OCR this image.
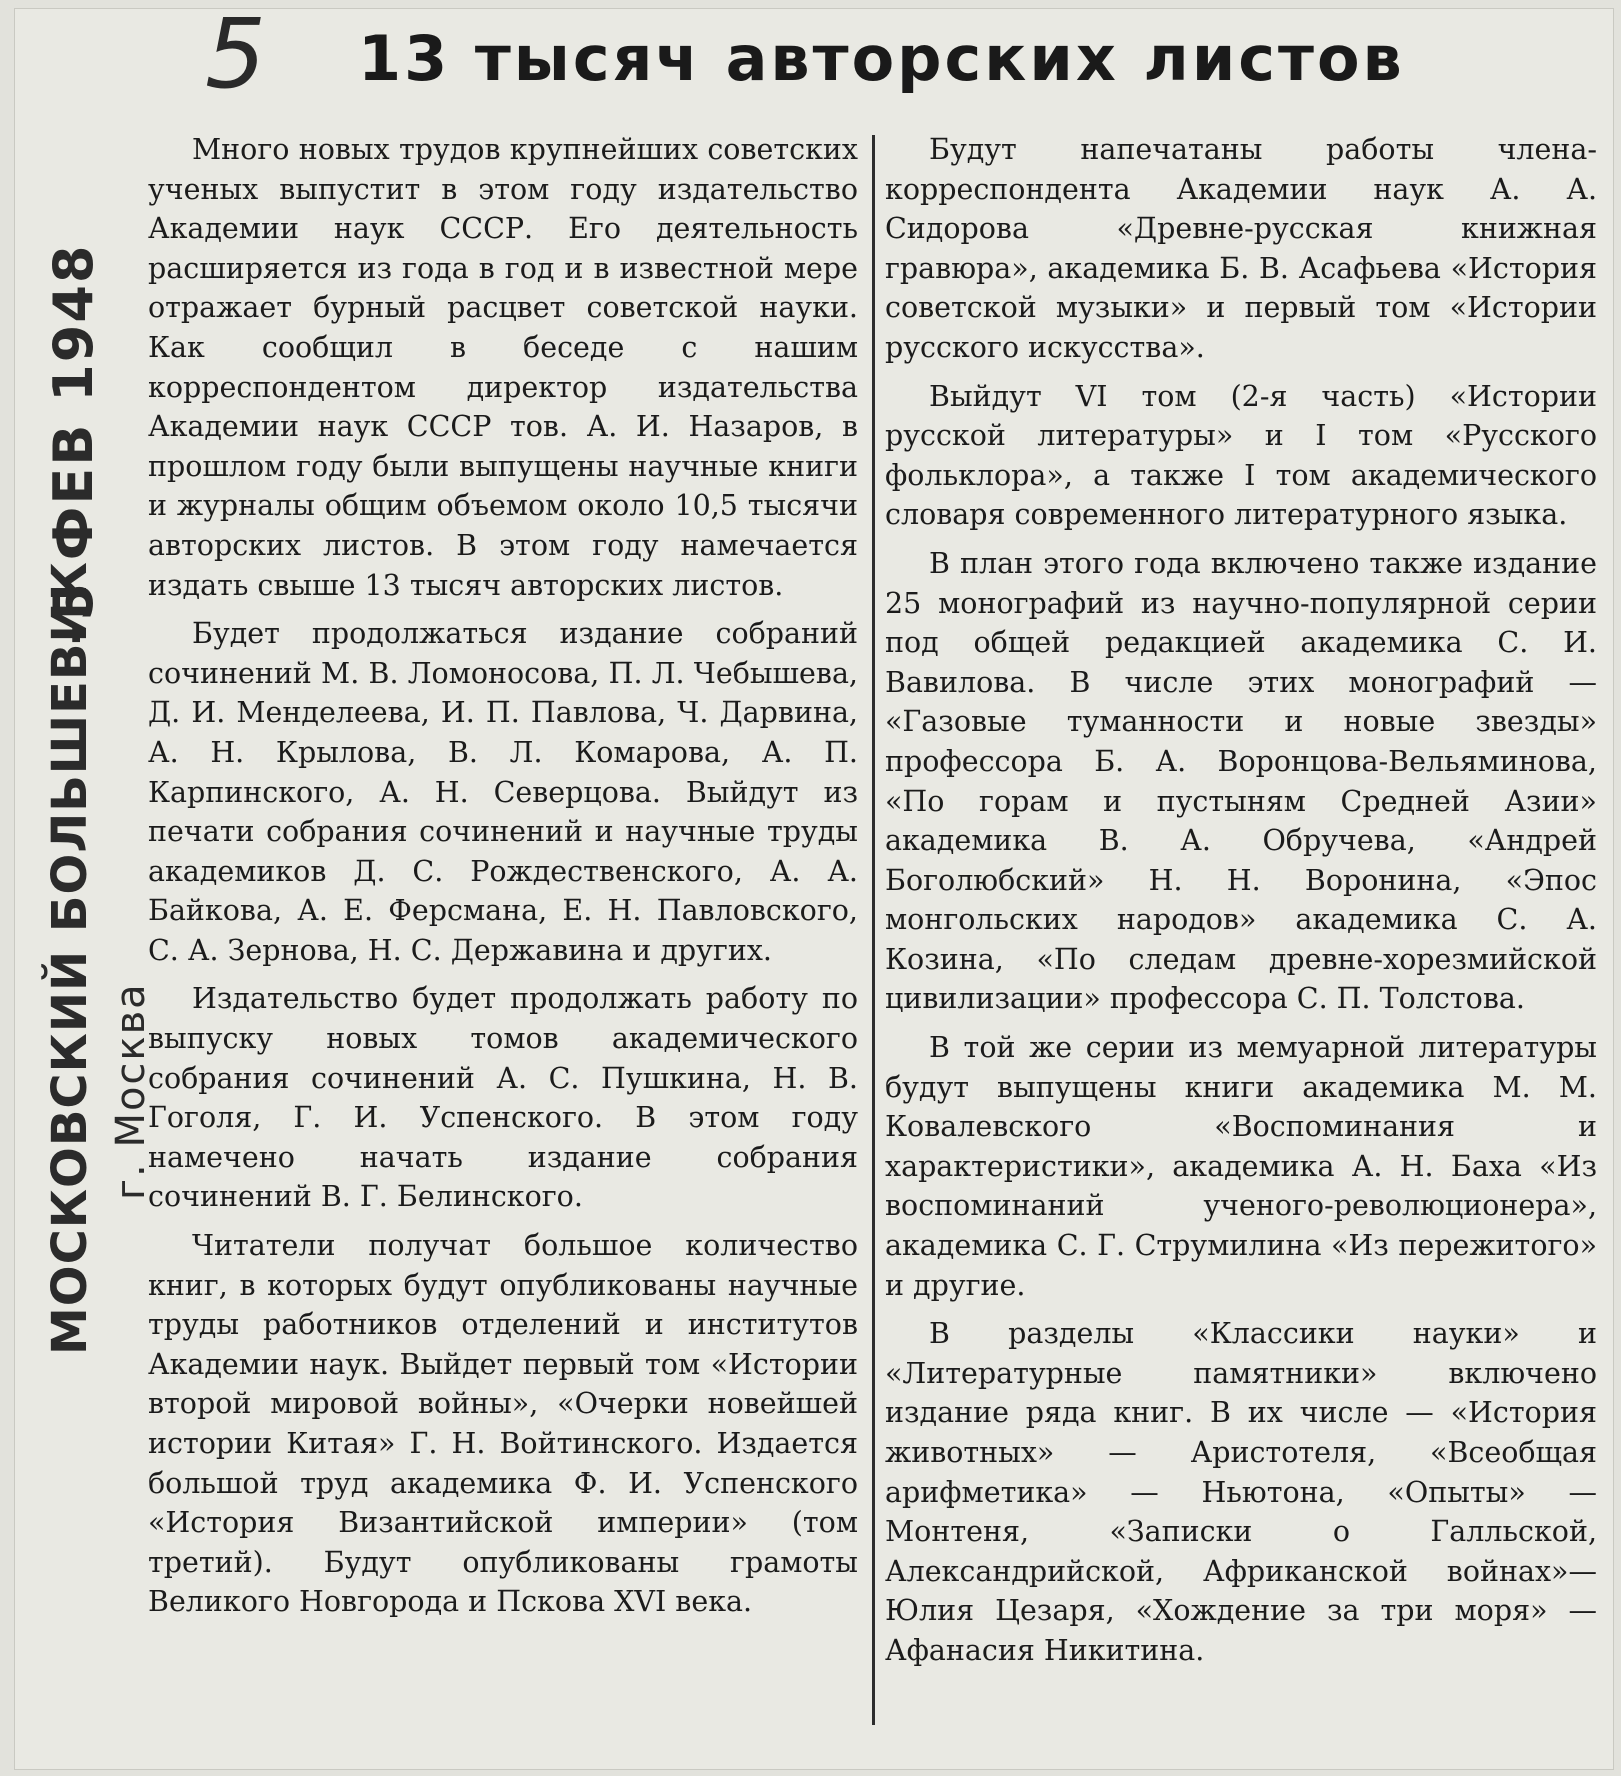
5 13 тысяч авторских листов
-5 ФЕВ 1948
МОСКОВСКИЙ БОЛЬШЕВИК г. Москва

Много новых трудов крупнейших советских ученых выпустит в этом году издательство Академии наук СССР. Его деятельность расширяется из года в год и в известной мере отражает бурный расцвет советской науки. Как сообщил в беседе с нашим корреспондентом директор издательства Академии наук СССР тов. А. И. Назаров, в прошлом году были выпущены научные книги и журналы общим объемом около 10,5 тысячи авторских листов. В этом году намечается издать свыше 13 тысяч авторских листов.

Будет продолжаться издание собраний сочинений М. В. Ломоносова, П. Л. Чебышева, Д. И. Менделеева, И. П. Павлова, Ч. Дарвина, А. Н. Крылова, В. Л. Комарова, А. П. Карпинского, А. Н. Северцова. Выйдут из печати собрания сочинений и научные труды академиков Д. С. Рождественского, А. А. Байкова, А. Е. Ферсмана, Е. Н. Павловского, С. А. Зернова, Н. С. Державина и других.

Издательство будет продолжать работу по выпуску новых томов академического собрания сочинений А. С. Пушкина, Н. В. Гоголя, Г. И. Успенского. В этом году намечено начать издание собрания сочинений В. Г. Белинского.

Читатели получат большое количество книг, в которых будут опубликованы научные труды работников отделений и институтов Академии наук. Выйдет первый том «Истории второй мировой войны», «Очерки новейшей истории Китая» Г. Н. Войтинского. Издается большой труд академика Ф. И. Успенского «История Византийской империи» (том третий). Будут опубликованы грамоты Великого Новгорода и Пскова XVI века.

Будут напечатаны работы члена-корреспондента Академии наук А. А. Сидорова «Древне-русская книжная гравюра», академика Б. В. Асафьева «История советской музыки» и первый том «Истории русского искусства».

Выйдут VI том (2-я часть) «Истории русской литературы» и I том «Русского фольклора», а также I том академического словаря современного литературного языка.

В план этого года включено также издание 25 монографий из научно-популярной серии под общей редакцией академика С. И. Вавилова. В числе этих монографий — «Газовые туманности и новые звезды» профессора Б. А. Воронцова-Вельяминова, «По горам и пустыням Средней Азии» академика В. А. Обручева, «Андрей Боголюбский» Н. Н. Воронина, «Эпос монгольских народов» академика С. А. Козина, «По следам древне-хорезмийской цивилизации» профессора С. П. Толстова.

В той же серии из мемуарной литературы будут выпущены книги академика М. М. Ковалевского «Воспоминания и характеристики», академика А. Н. Баха «Из воспоминаний ученого-революционера», академика С. Г. Струмилина «Из пережитого» и другие.

В разделы «Классики науки» и «Литературные памятники» включено издание ряда книг. В их числе — «История животных» — Аристотеля, «Всеобщая арифметика» — Ньютона, «Опыты» — Монтеня, «Записки о Галльской, Александрийской, Африканской войнах»—Юлия Цезаря, «Хождение за три моря» — Афанасия Никитина.
